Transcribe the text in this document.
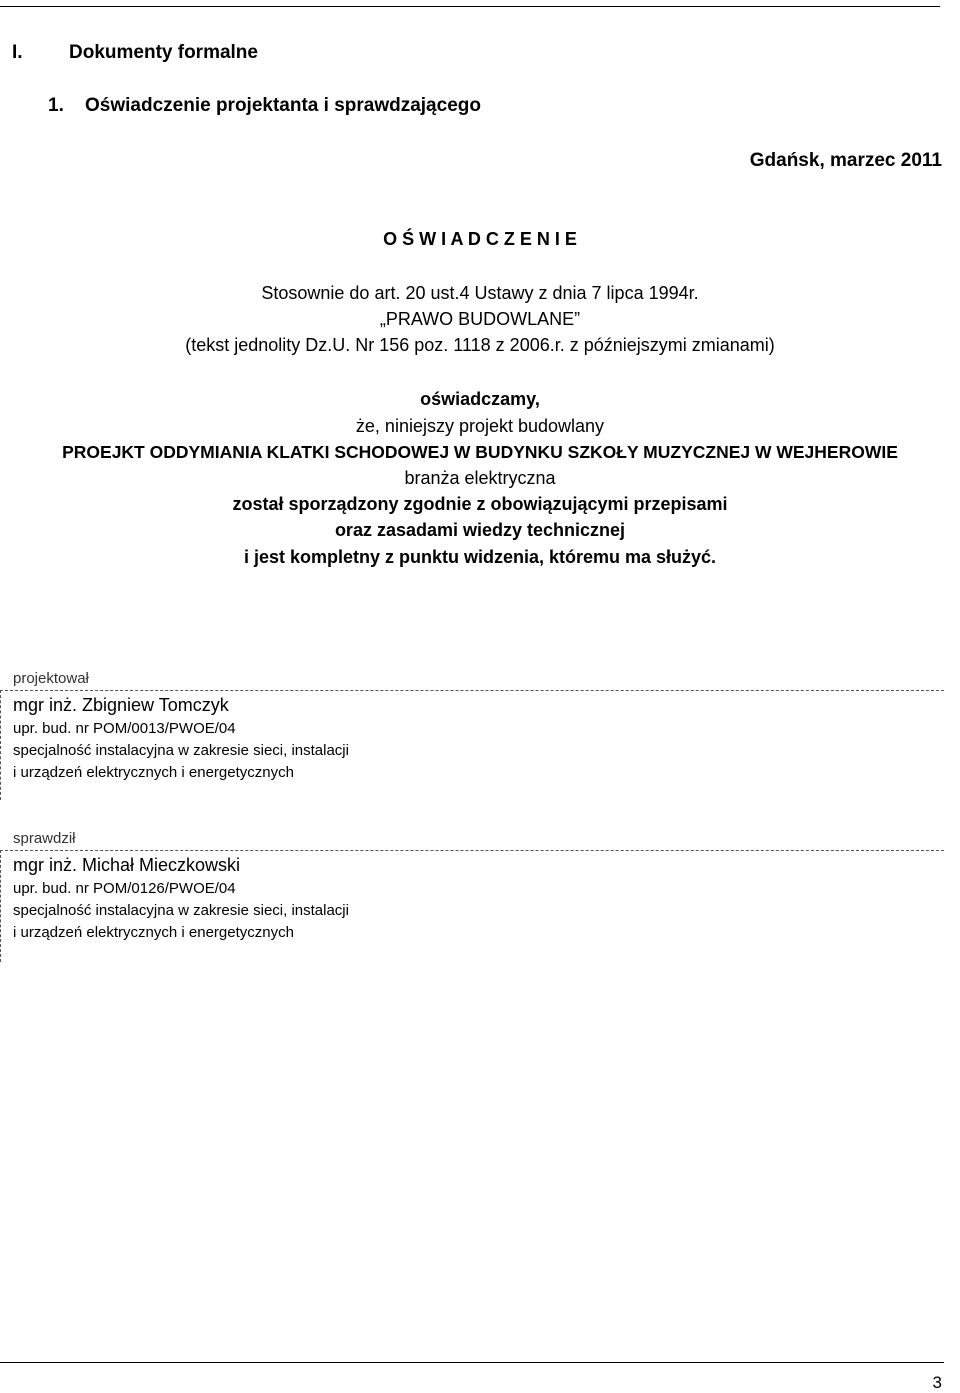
I. Dokumenty formalne
1. Oświadczenie projektanta i sprawdzającego
Gdańsk, marzec 2011
O Ś W I A D C Z E N I E
Stosownie do art. 20 ust.4 Ustawy z dnia 7 lipca 1994r.
„PRAWO BUDOWLANE”
(tekst jednolity Dz.U. Nr 156 poz. 1118 z 2006.r. z późniejszymi zmianami)
oświadczamy,
że, niniejszy projekt budowlany
PROEJKT ODDYMIANIA KLATKI SCHODOWEJ W BUDYNKU SZKOŁY MUZYCZNEJ W WEJHEROWIE
branża elektryczna
został sporządzony zgodnie z obowiązującymi przepisami
oraz zasadami wiedzy technicznej
i jest kompletny z punktu widzenia, któremu ma służyć.
projektował
mgr inż. Zbigniew Tomczyk
upr. bud. nr POM/0013/PWOE/04
specjalność instalacyjna w zakresie sieci, instalacji
i urządzeń elektrycznych i energetycznych
sprawdził
mgr inż. Michał Mieczkowski
upr. bud. nr POM/0126/PWOE/04
specjalność instalacyjna w zakresie sieci, instalacji
i urządzeń elektrycznych i energetycznych
3
